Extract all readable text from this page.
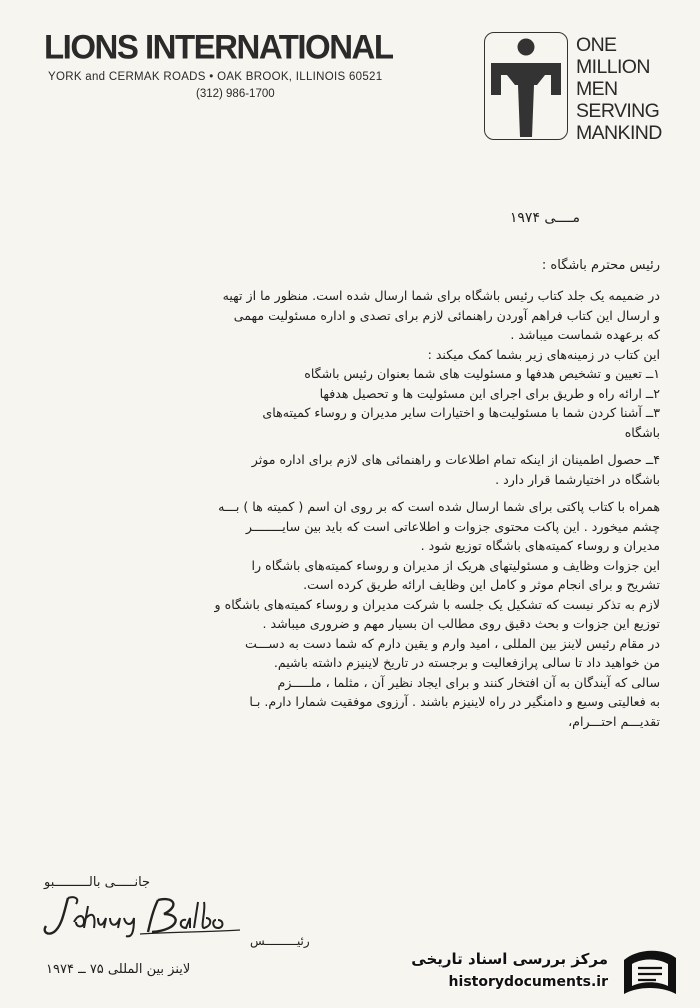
LIONS INTERNATIONAL
YORK and CERMAK ROADS • OAK BROOK, ILLINOIS 60521
(312) 986-1700
ONE
MILLION
MEN
SERVING
MANKIND
مــــی ۱۹۷۴
رئیس محترم باشگاه :
در ضمیمه یک جلد کتاب رئیس باشگاه برای شما ارسال شده است. منظور ما از تهیه
و ارسال این کتاب فراهم آوردن راهنمائی لازم برای تصدی و اداره مسئولیت مهمی
که برعهده شماست میباشد .
این کتاب در زمینه‌های زیر بشما کمک میکند :
۱ــ تعیین و تشخیص هدفها و مسئولیت های شما بعنوان رئیس باشگاه
۲ــ ارائه راه و طریق برای اجرای این مسئولیت ها و تحصیل هدفها
۳ــ آشنا کردن شما با مسئولیت‌ها و اختیارات سایر مدیران و روساء کمیته‌های
باشگاه
۴ــ حصول اطمینان از اینکه تمام اطلاعات و راهنمائی های لازم برای اداره موثر
باشگاه در اختیارشما قرار دارد .
همراه با کتاب پاکتی برای شما ارسال شده است که بر روی ان اسم ( کمیته ها ) بـــه
چشم میخورد . این پاکت محتوی جزوات و اطلاعاتی است که باید بین سایــــــــر
مدیران و روساء کمیته‌های باشگاه توزیع شود .
این جزوات وظایف و مسئولیتهای هریک از مدیران و روساء کمیته‌های باشگاه را
تشریح و برای انجام موثر و کامل این وظایف ارائه طریق کرده است.
لازم به تذکر نیست که تشکیل یک جلسه با شرکت مدیران و روساء کمیته‌های باشگاه و
توزیع این جزوات و بحث دقیق روی مطالب ان بسیار مهم و ضروری میباشد .
در مقام رئیس لاینز بین المللی ، امید وارم و یقین دارم که شما دست به دســـت
من خواهید داد تا سالی پرازفعالیت و برجسته در تاریخ لاینیزم داشته باشیم.
سالی که آیندگان به آن افتخار کنند و برای ایجاد نظیر آن ، مثلما ، ملـــــزم
به فعالیتی وسیع و دامنگیر در راه لاینیزم باشند . آرزوی موفقیت شمارا دارم. بـا
تقدیـــم احتـــرام،
جانـــــی بالـــــــــبو
رئیـــــــــس
لاینز بین المللی ۷۵ ــ ۱۹۷۴
مرکز بررسی اسناد تاریخی
historydocuments.ir
